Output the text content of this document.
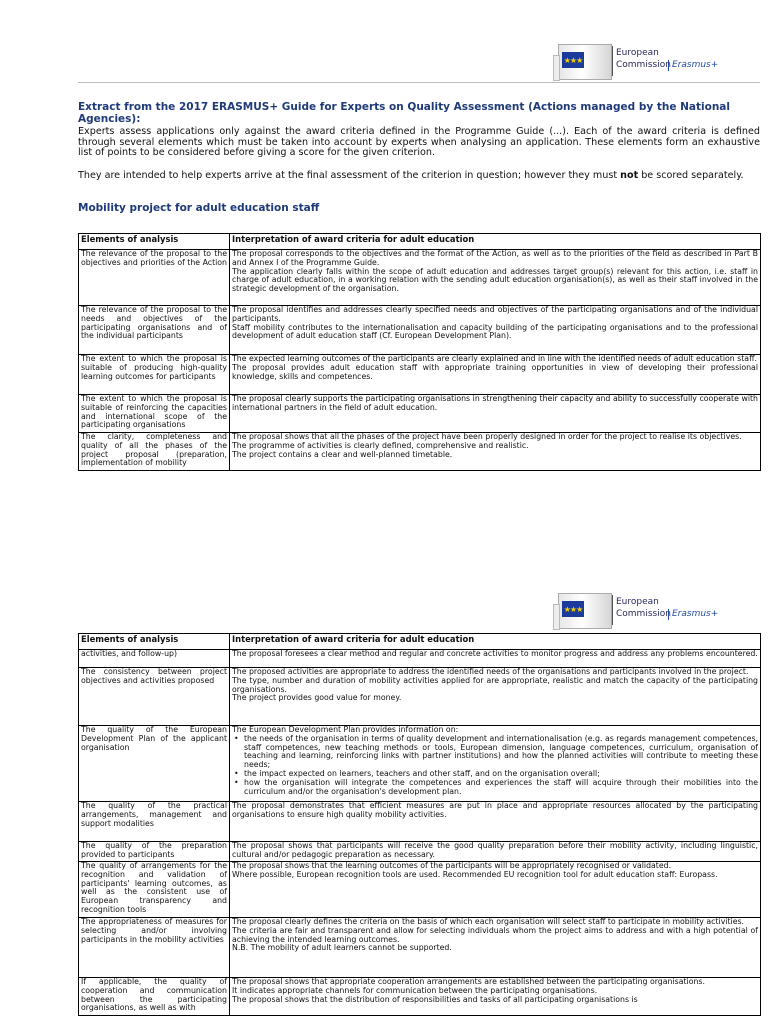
★★★
European
Commission Erasmus+
Extract from the 2017 ERASMUS+ Guide for Experts on Quality Assessment (Actions managed by the National Agencies):
Experts assess applications only against the award criteria defined in the Programme Guide (...). Each of the award criteria is defined through several elements which must be taken into account by experts when analysing an application. These elements form an exhaustive list of points to be considered before giving a score for the given criterion.
They are intended to help experts arrive at the final assessment of the criterion in question; however they must not be scored separately.
Mobility project for adult education staff
Elements of analysis	Interpretation of award criteria for adult education
The relevance of the proposal to the objectives and priorities of the Action	The proposal corresponds to the objectives and the format of the Action, as well as to the priorities of the field as described in Part B and Annex I of the Programme Guide.
The application clearly falls within the scope of adult education and addresses target group(s) relevant for this action, i.e. staff in charge of adult education, in a working relation with the sending adult education organisation(s), as well as their staff involved in the strategic development of the organisation.

The relevance of the proposal to the needs and objectives of the participating organisations and of the individual participants	The proposal identifies and addresses clearly specified needs and objectives of the participating organisations and of the individual participants.
Staff mobility contributes to the internationalisation and capacity building of the participating organisations and to the professional development of adult education staff (Cf. European Development Plan).

The extent to which the proposal is suitable of producing high-quality learning outcomes for participants	The expected learning outcomes of the participants are clearly explained and in line with the identified needs of adult education staff.
The proposal provides adult education staff with appropriate training opportunities in view of developing their professional knowledge, skills and competences.

The extent to which the proposal is suitable of reinforcing the capacities and international scope of the participating organisations	The proposal clearly supports the participating organisations in strengthening their capacity and ability to successfully cooperate with international partners in the field of adult education.

The clarity, completeness and quality of all the phases of the project proposal (preparation, implementation of mobility	The proposal shows that all the phases of the project have been properly designed in order for the project to realise its objectives.
The programme of activities is clearly defined, comprehensive and realistic.
The project contains a clear and well-planned timetable.
★★★
European
Commission Erasmus+
Elements of analysis	Interpretation of award criteria for adult education
activities, and follow-up)	The proposal foresees a clear method and regular and concrete activities to monitor progress and address any problems encountered.

The consistency between project objectives and activities proposed	The proposed activities are appropriate to address the identified needs of the organisations and participants involved in the project.
The type, number and duration of mobility activities applied for are appropriate, realistic and match the capacity of the participating organisations.
The project provides good value for money.

The quality of the European Development Plan of the applicant organisation	The European Development Plan provides information on:
• the needs of the organisation in terms of quality development and internationalisation (e.g. as regards management competences, staff competences, new teaching methods or tools, European dimension, language competences, curriculum, organisation of teaching and learning, reinforcing links with partner institutions) and how the planned activities will contribute to meeting these needs;
• the impact expected on learners, teachers and other staff, and on the organisation overall;
• how the organisation will integrate the competences and experiences the staff will acquire through their mobilities into the curriculum and/or the organisation's development plan.

The quality of the practical arrangements, management and support modalities	The proposal demonstrates that efficient measures are put in place and appropriate resources allocated by the participating organisations to ensure high quality mobility activities.

The quality of the preparation provided to participants	The proposal shows that participants will receive the good quality preparation before their mobility activity, including linguistic, cultural and/or pedagogic preparation as necessary.

The quality of arrangements for the recognition and validation of participants' learning outcomes, as well as the consistent use of European transparency and recognition tools	The proposal shows that the learning outcomes of the participants will be appropriately recognised or validated.
Where possible, European recognition tools are used. Recommended EU recognition tool for adult education staff: Europass.

The appropriateness of measures for selecting and/or involving participants in the mobility activities	The proposal clearly defines the criteria on the basis of which each organisation will select staff to participate in mobility activities.
The criteria are fair and transparent and allow for selecting individuals whom the project aims to address and with a high potential of achieving the intended learning outcomes.
N.B. The mobility of adult learners cannot be supported.

If applicable, the quality of cooperation and communication between the participating organisations, as well as with	The proposal shows that appropriate cooperation arrangements are established between the participating organisations.
It indicates appropriate channels for communication between the participating organisations.
The proposal shows that the distribution of responsibilities and tasks of all participating organisations is
